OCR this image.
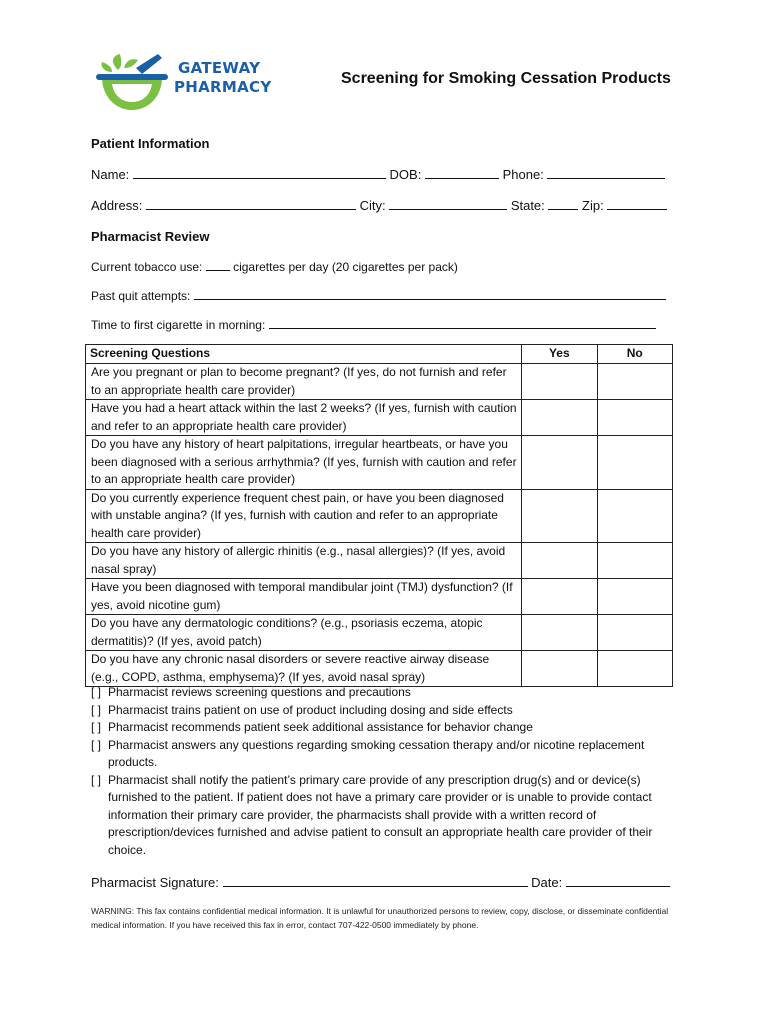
GATEWAY
PHARMACY	Screening for Smoking Cessation Products
Patient Information
Name:	DOB:	Phone:
Address:	City:	State:	Zip:
Pharmacist Review
Current tobacco use:	cigarettes per day (20 cigarettes per pack)
Past quit attempts:
Time to first cigarette in morning:
Screening Questions	Yes	No
Are you pregnant or plan to become pregnant? (If yes, do not furnish and refer to an appropriate health care provider)		
Have you had a heart attack within the last 2 weeks? (If yes, furnish with caution and refer to an appropriate health care provider)		
Do you have any history of heart palpitations, irregular heartbeats, or have you been diagnosed with a serious arrhythmia? (If yes, furnish with caution and refer to an appropriate health care provider)		
Do you currently experience frequent chest pain, or have you been diagnosed with unstable angina? (If yes, furnish with caution and refer to an appropriate health care provider)		
Do you have any history of allergic rhinitis (e.g., nasal allergies)? (If yes, avoid nasal spray)		
Have you been diagnosed with temporal mandibular joint (TMJ) dysfunction? (If yes, avoid nicotine gum)		
Do you have any dermatologic conditions? (e.g., psoriasis eczema, atopic dermatitis)? (If yes, avoid patch)		
Do you have any chronic nasal disorders or severe reactive airway disease (e.g., COPD, asthma, emphysema)? (If yes, avoid nasal spray)		
[ ] Pharmacist reviews screening questions and precautions
[ ] Pharmacist trains patient on use of product including dosing and side effects
[ ] Pharmacist recommends patient seek additional assistance for behavior change
[ ] Pharmacist answers any questions regarding smoking cessation therapy and/or nicotine replacement products.
[ ] Pharmacist shall notify the patient’s primary care provide of any prescription drug(s) and or device(s) furnished to the patient. If patient does not have a primary care provider or is unable to provide contact information their primary care provider, the pharmacists shall provide with a written record of prescription/devices furnished and advise patient to consult an appropriate health care provider of their choice.
Pharmacist Signature:	Date:
WARNING: This fax contains confidential medical information. It is unlawful for unauthorized persons to review, copy, disclose, or disseminate confidential medical information. If you have received this fax in error, contact 707-422-0500 immediately by phone.
